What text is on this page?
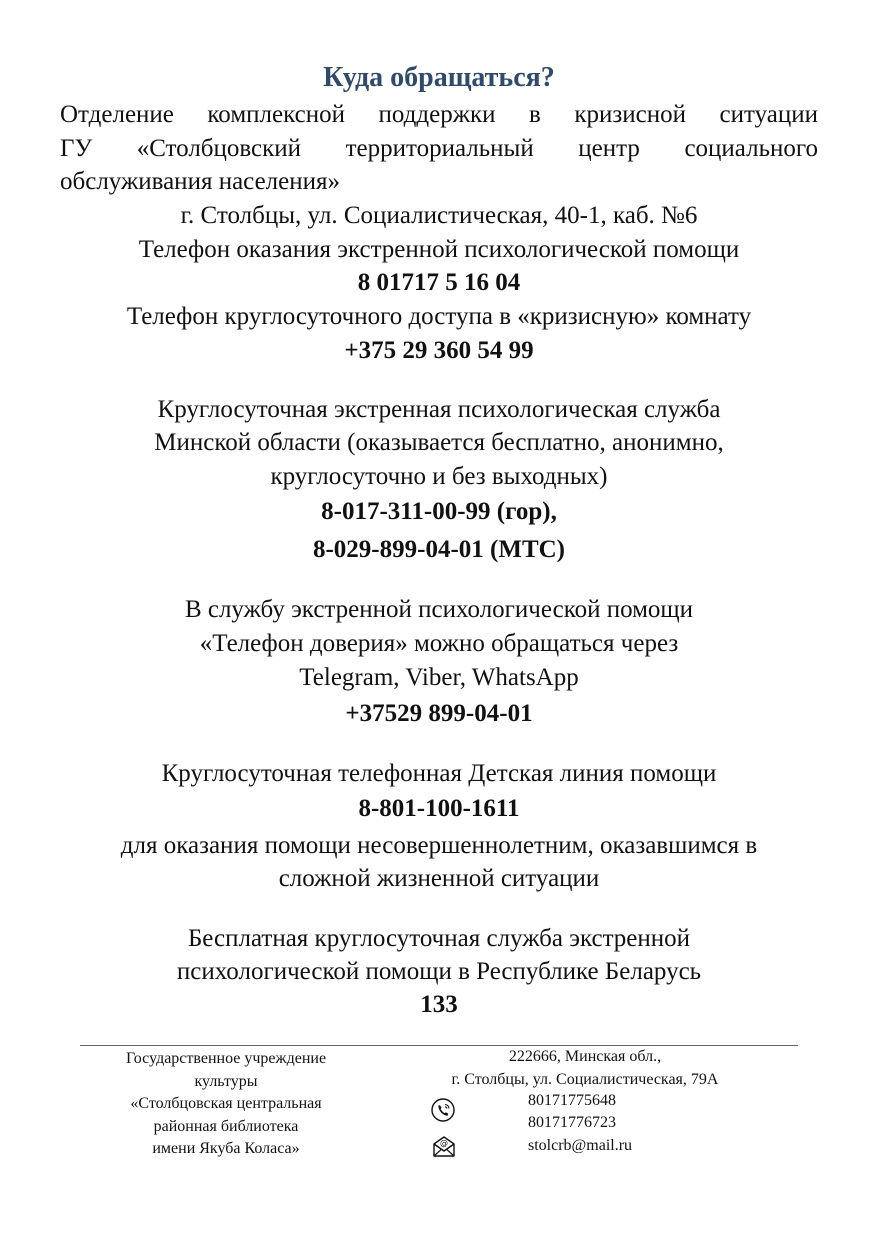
Куда обращаться?
Отделение комплексной поддержки в кризисной ситуации
ГУ «Столбцовский территориальный центр социального
обслуживания населения»
г. Столбцы, ул. Социалистическая, 40-1, каб. №6
Телефон оказания экстренной психологической помощи
8 01717 5 16 04
Телефон круглосуточного доступа в «кризисную» комнату
+375 29 360 54 99
Круглосуточная экстренная психологическая служба
Минской области (оказывается бесплатно, анонимно,
круглосуточно и без выходных)
8‑017‑311‑00‑99 (гор),
8‑029‑899‑04‑01 (МТС)
В службу экстренной психологической помощи
«Телефон доверия» можно обращаться через
Telegram, Viber, WhatsApp
+37529 899‑04‑01
Круглосуточная телефонная Детская линия помощи
8‑801‑100‑1611
для оказания помощи несовершеннолетним, оказавшимся в
сложной жизненной ситуации
Бесплатная круглосуточная служба экстренной
психологической помощи в Республике Беларусь
133
Государственное учреждение
культуры
«Столбцовская центральная
районная библиотека
имени Якуба Коласа»
222666, Минская обл.,
г. Столбцы, ул. Социалистическая, 79А
80171775648
80171776723
@	stolcrb@mail.ru
